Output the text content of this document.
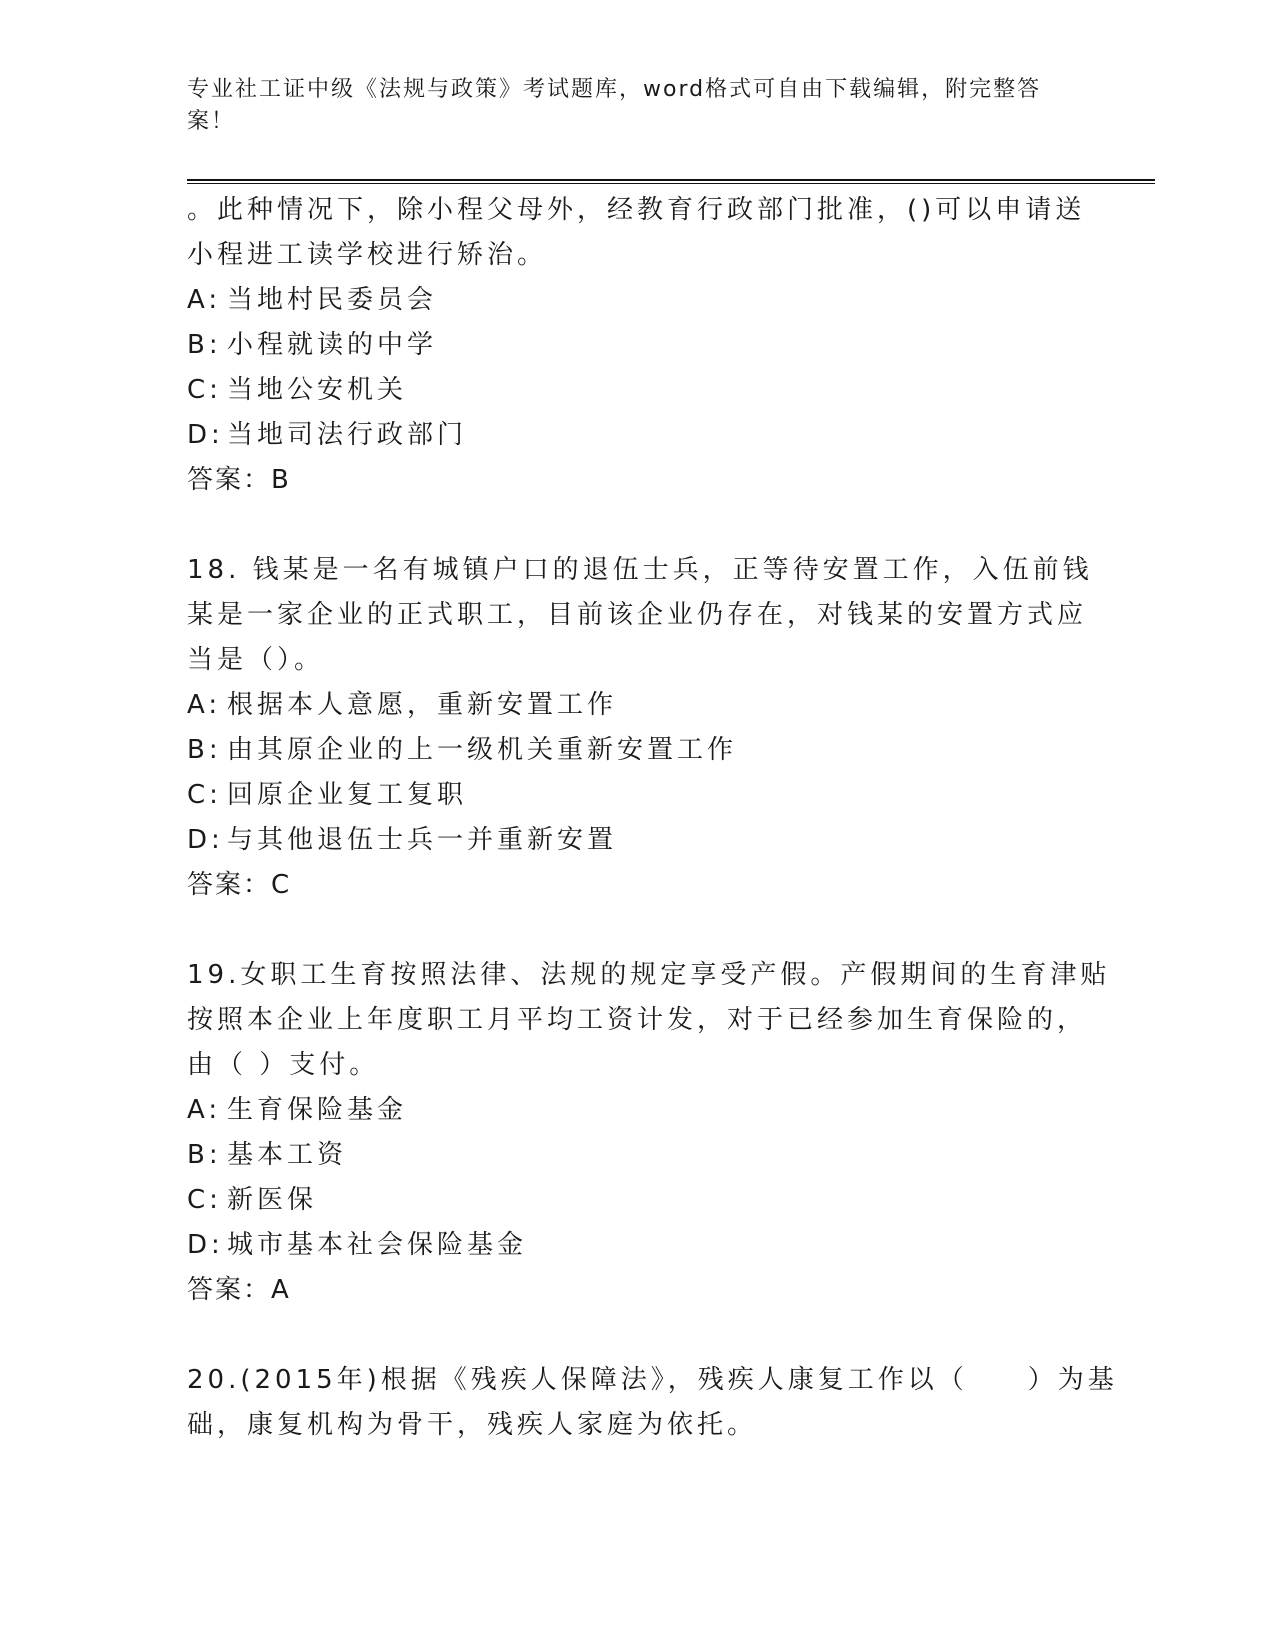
专业社工证中级《法规与政策》考试题库，word格式可自由下载编辑，附完整答案！
。此种情况下，除小程父母外，经教育行政部门批准，()可以申请送
小程进工读学校进行矫治。
A: 当地村民委员会
B: 小程就读的中学
C: 当地公安机关
D: 当地司法行政部门
答案：B
18. 钱某是一名有城镇户口的退伍士兵，正等待安置工作，入伍前钱
某是一家企业的正式职工，目前该企业仍存在，对钱某的安置方式应
当是（）。
A: 根据本人意愿，重新安置工作
B: 由其原企业的上一级机关重新安置工作
C: 回原企业复工复职
D: 与其他退伍士兵一并重新安置
答案：C
19.女职工生育按照法律、法规的规定享受产假。产假期间的生育津贴
按照本企业上年度职工月平均工资计发，对于已经参加生育保险的，
由（ ）支付。
A: 生育保险基金
B: 基本工资
C: 新医保
D: 城市基本社会保险基金
答案：A
20.(2015年)根据《残疾人保障法》，残疾人康复工作以（　　）为基
础，康复机构为骨干，残疾人家庭为依托。
